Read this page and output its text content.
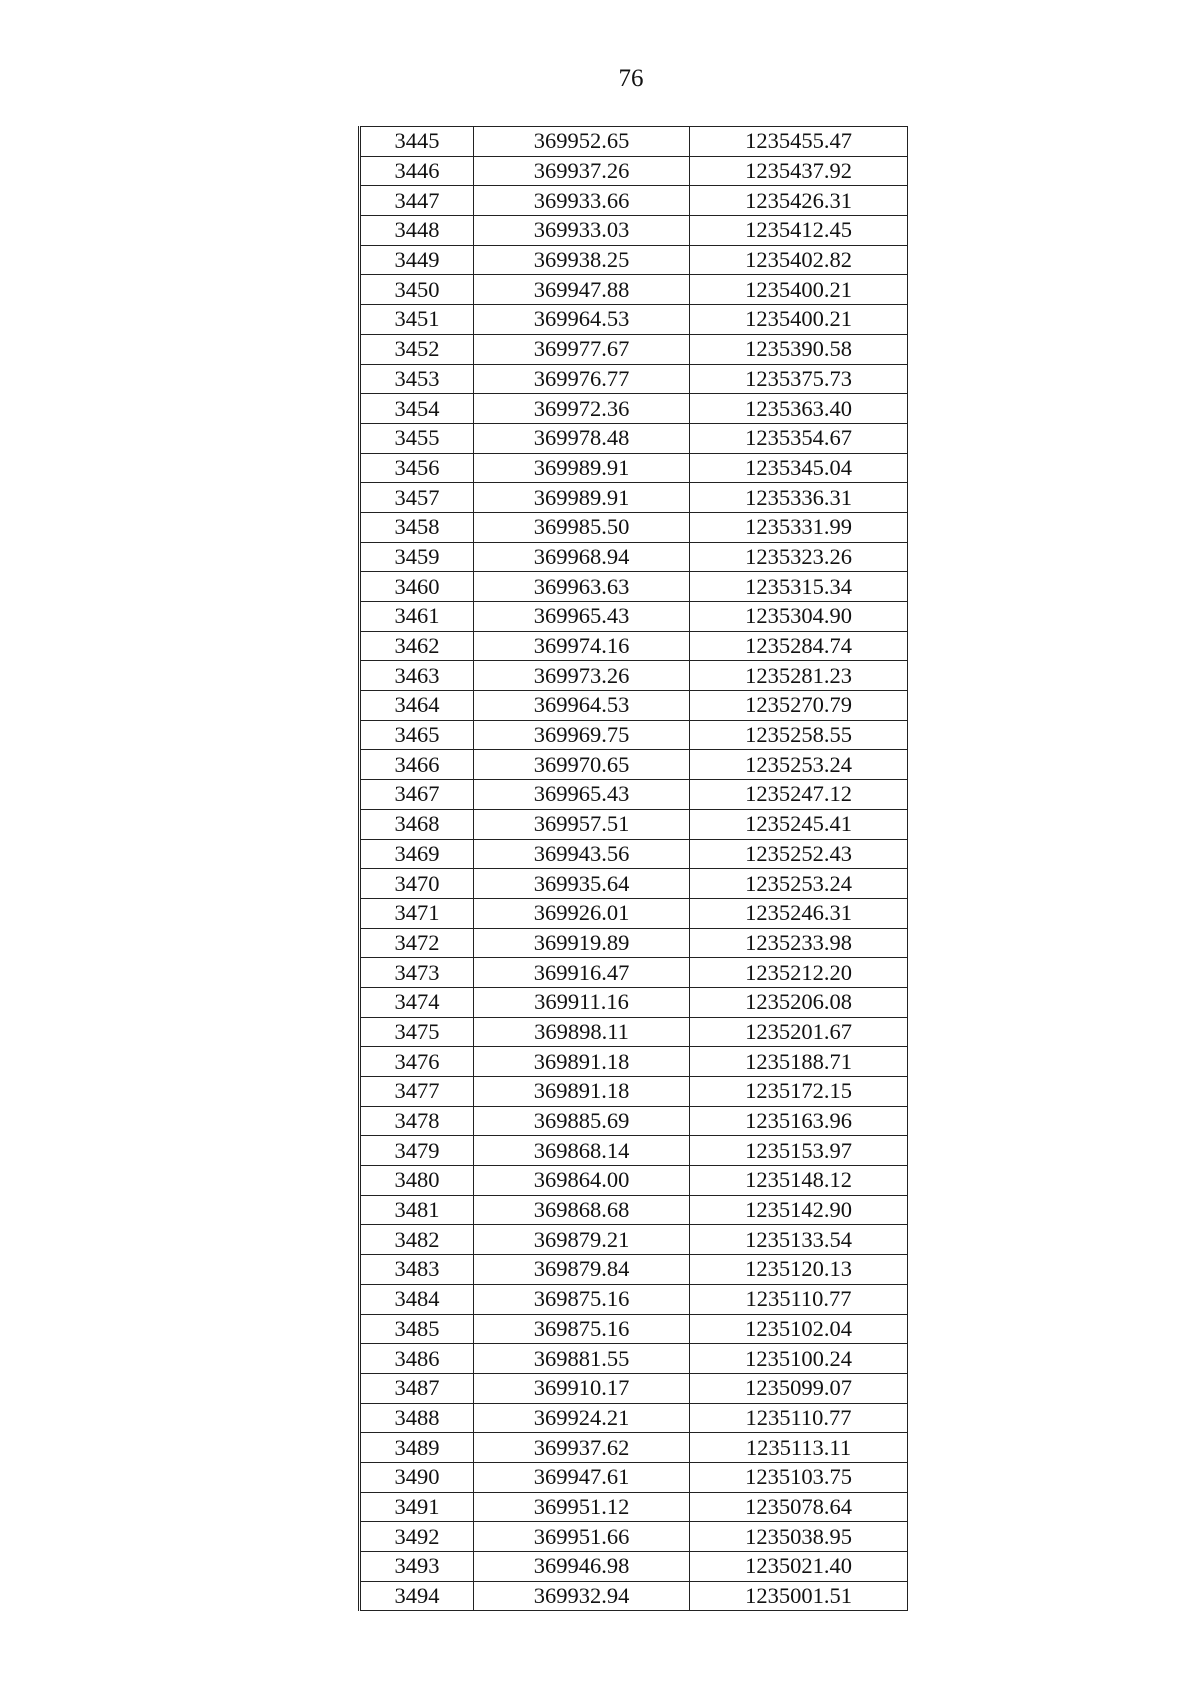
76
3445	369952.65	1235455.47
3446	369937.26	1235437.92
3447	369933.66	1235426.31
3448	369933.03	1235412.45
3449	369938.25	1235402.82
3450	369947.88	1235400.21
3451	369964.53	1235400.21
3452	369977.67	1235390.58
3453	369976.77	1235375.73
3454	369972.36	1235363.40
3455	369978.48	1235354.67
3456	369989.91	1235345.04
3457	369989.91	1235336.31
3458	369985.50	1235331.99
3459	369968.94	1235323.26
3460	369963.63	1235315.34
3461	369965.43	1235304.90
3462	369974.16	1235284.74
3463	369973.26	1235281.23
3464	369964.53	1235270.79
3465	369969.75	1235258.55
3466	369970.65	1235253.24
3467	369965.43	1235247.12
3468	369957.51	1235245.41
3469	369943.56	1235252.43
3470	369935.64	1235253.24
3471	369926.01	1235246.31
3472	369919.89	1235233.98
3473	369916.47	1235212.20
3474	369911.16	1235206.08
3475	369898.11	1235201.67
3476	369891.18	1235188.71
3477	369891.18	1235172.15
3478	369885.69	1235163.96
3479	369868.14	1235153.97
3480	369864.00	1235148.12
3481	369868.68	1235142.90
3482	369879.21	1235133.54
3483	369879.84	1235120.13
3484	369875.16	1235110.77
3485	369875.16	1235102.04
3486	369881.55	1235100.24
3487	369910.17	1235099.07
3488	369924.21	1235110.77
3489	369937.62	1235113.11
3490	369947.61	1235103.75
3491	369951.12	1235078.64
3492	369951.66	1235038.95
3493	369946.98	1235021.40
3494	369932.94	1235001.51
